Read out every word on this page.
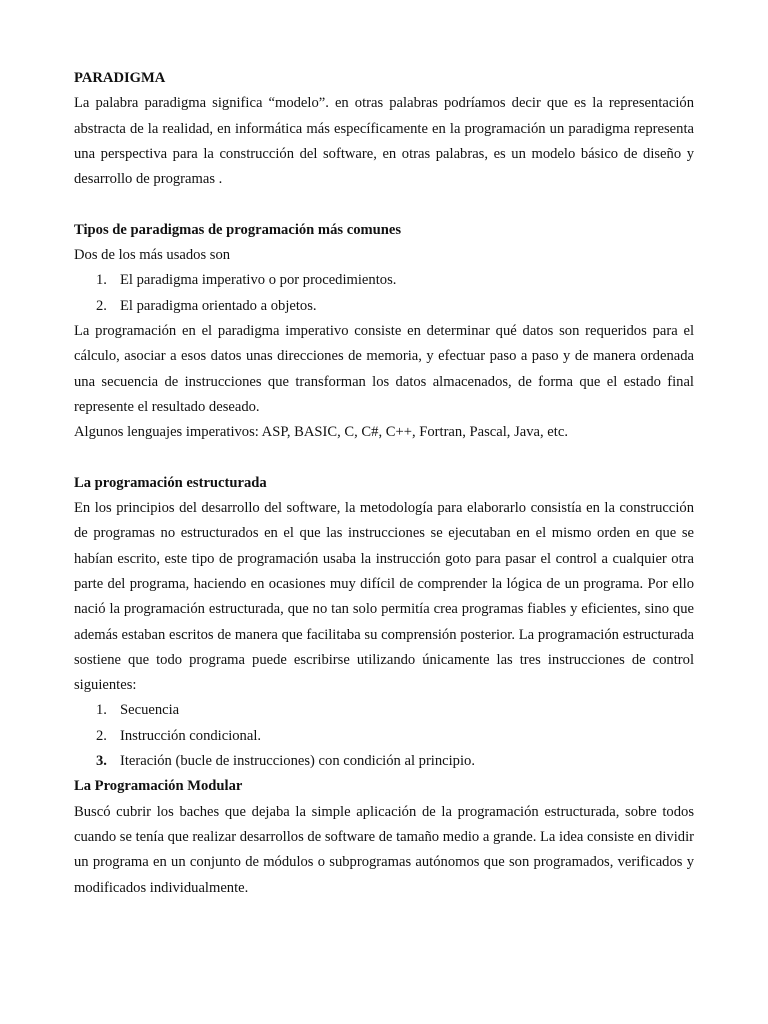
PARADIGMA

La palabra paradigma significa “modelo”. en otras palabras podríamos decir que es la representación abstracta de la realidad, en informática más específicamente en la programación un paradigma representa una perspectiva para la construcción del software, en otras palabras, es un modelo básico de diseño y desarrollo de programas .

Tipos de paradigmas de programación más comunes

Dos de los más usados son

1. El paradigma imperativo o por procedimientos.
2. El paradigma orientado a objetos.

La programación en el paradigma imperativo consiste en determinar qué datos son requeridos para el cálculo, asociar a esos datos unas direcciones de memoria, y efectuar paso a paso y de manera ordenada una secuencia de instrucciones que transforman los datos almacenados, de forma que el estado final represente el resultado deseado.

Algunos lenguajes imperativos: ASP, BASIC, C, C#, C++, Fortran, Pascal, Java, etc.

La programación estructurada

En los principios del desarrollo del software, la metodología para elaborarlo consistía en la construcción de programas no estructurados en el que las instrucciones se ejecutaban en el mismo orden en que se habían escrito, este tipo de programación usaba la instrucción goto para pasar el control a cualquier otra parte del programa, haciendo en ocasiones muy difícil de comprender la lógica de un programa. Por ello nació la programación estructurada, que no tan solo permitía crea programas fiables y eficientes, sino que además estaban escritos de manera que facilitaba su comprensión posterior. La programación estructurada sostiene que todo programa puede escribirse utilizando únicamente las tres instrucciones de control siguientes:

1. Secuencia
2. Instrucción condicional.
3. Iteración (bucle de instrucciones) con condición al principio.

La Programación Modular

Buscó cubrir los baches que dejaba la simple aplicación de la programación estructurada, sobre todos cuando se tenía que realizar desarrollos de software de tamaño medio a grande. La idea consiste en dividir un programa en un conjunto de módulos o subprogramas autónomos que son programados, verificados y modificados individualmente.
